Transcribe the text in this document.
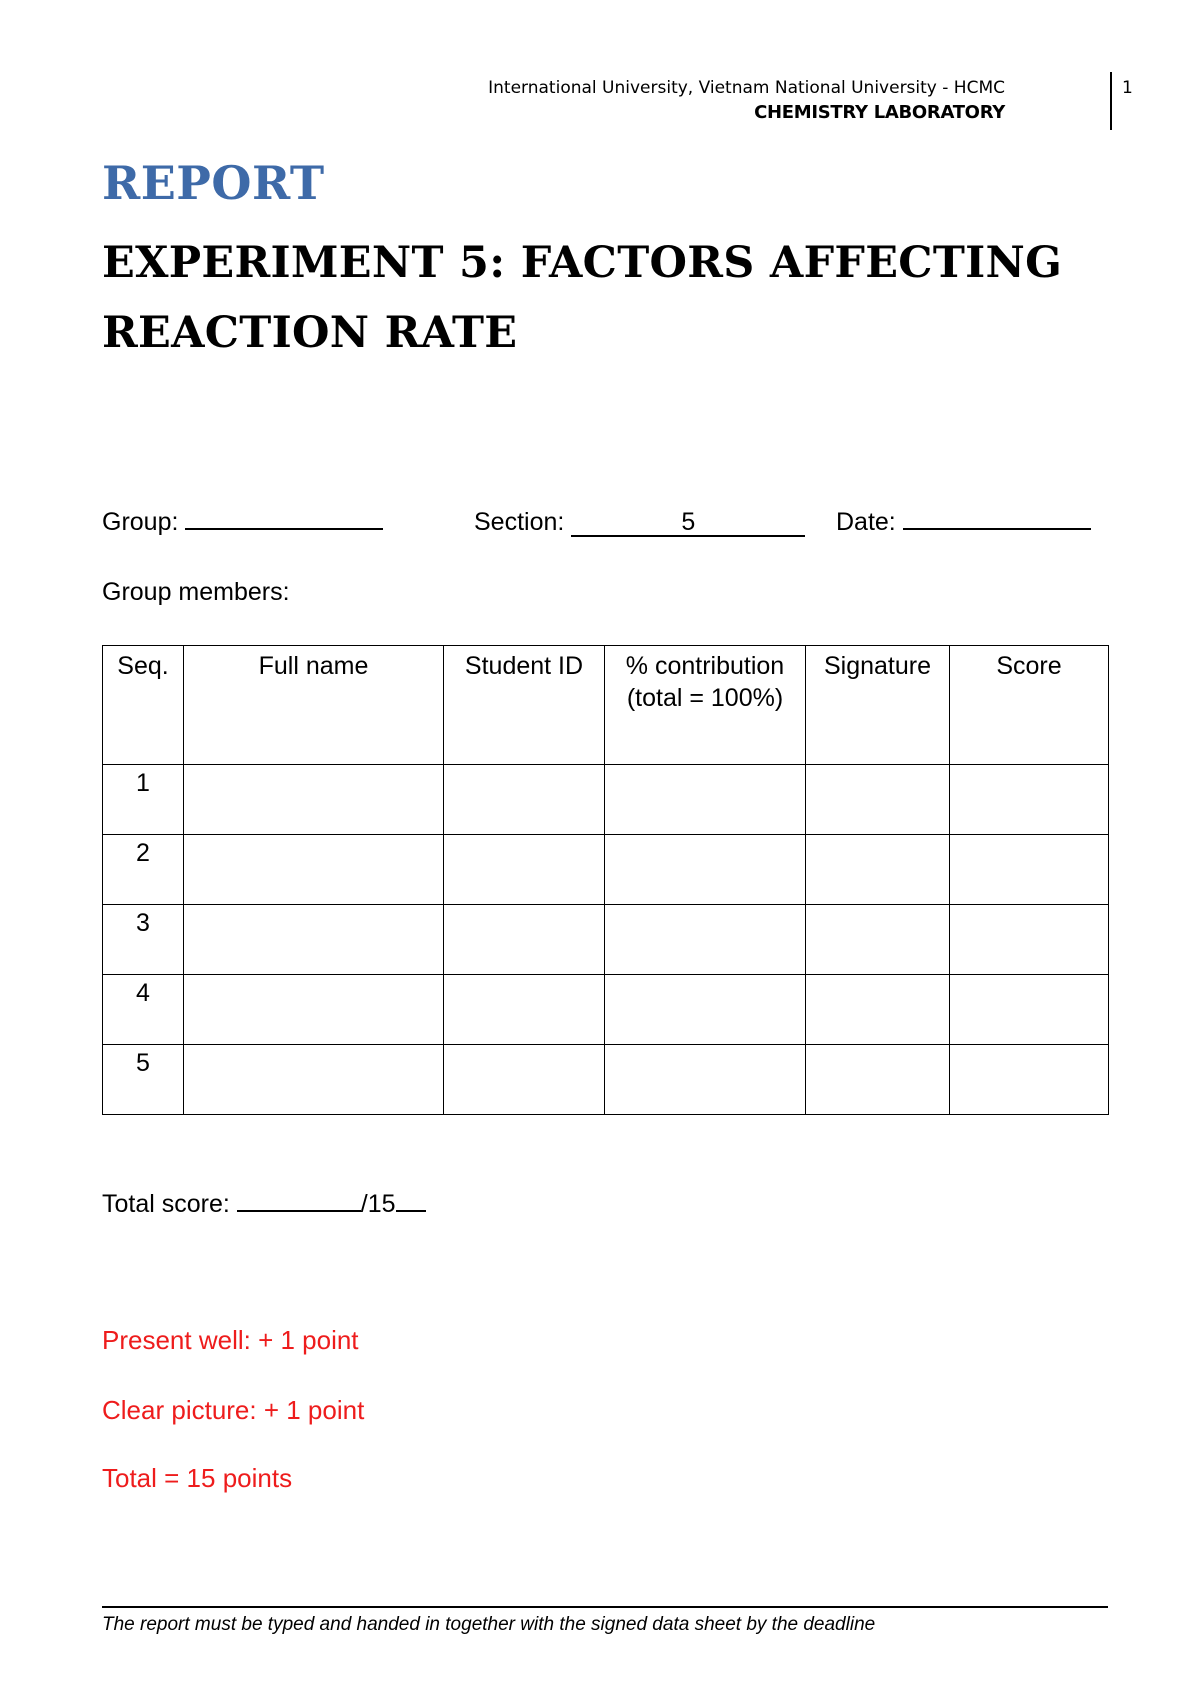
International University, Vietnam National University - HCMC
CHEMISTRY LABORATORY
1
REPORT
EXPERIMENT 5: FACTORS AFFECTING REACTION RATE
Group:	Section:	5	Date:
Group members:
Seq.	Full name	Student ID	% contribution (total = 100%)	Signature	Score
1					
2					
3					
4					
5					
Total score:	/15
Present well: + 1 point
Clear picture: + 1 point
Total = 15 points
The report must be typed and handed in together with the signed data sheet by the deadline
